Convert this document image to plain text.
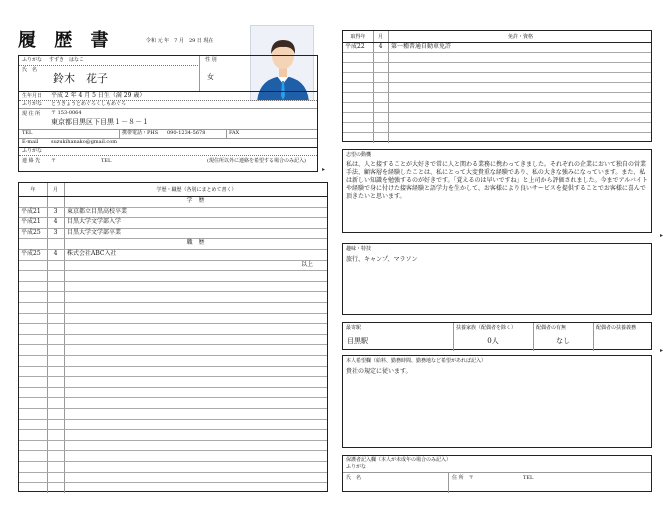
履 歴 書	令和 元 年　7 月　29 日 現在
ふりがな すずき　はなこ
氏　名
鈴木　花子
性 別
女
生年月日 平成 2 年 4 月 5 日生（満 29 歳）
ふりがな とうきょうとめぐろくしもめぐろ
現 住 所 〒 153-0064
東京都目黒区下目黒１－８－１
TEL	携帯電話・PHS 090-1234-5678	FAX
E-mail	suzukihanako@gmail.com
ふりがな
連 絡 先 〒	TEL	(現住所以外に連絡を希望する場合のみ記入)
▸
年	月	学歴・職歴（各別にまとめて書く）
学　歴
平成21	3	東京都立目黒高校卒業
平成21	4	目黒大学文学部入学
平成25	3	目黒大学文学部卒業
職　歴
平成25	4	株式会社ABC入社
以上
取得年	月	免許・資格
平成22	4	第一種普通自動車免許
志望の動機
私は、人と接することが大好きで常に人と関わる業務に携わってきました。それぞれの企業において独自の営業手法、顧客層を経験したことは、私にとって大変貴重な経験であり、私の大きな強みになっています。また、私は新しい知識を勉強するのが好きです。「覚えるのは早いですね」と上司から評価されました。今までアルバイトや経験で身に付けた接客経験と語学力を生かして、お客様により良いサービスを提供することでお客様に喜んで頂きたいと思います。
▸
趣味・特技
旅行、キャンプ、マラソン
最寄駅
目黒駅
扶養家族（配偶者を除く）
0人
配偶者の有無
なし
配偶者の扶養義務
▸
本人希望欄（給料、勤務時間、勤務地など希望があれば記入）
貴社の規定に従います。
保護者記入欄（本人が未成年の場合のみ記入）
ふりがな
氏　名	住 所　〒	TEL
